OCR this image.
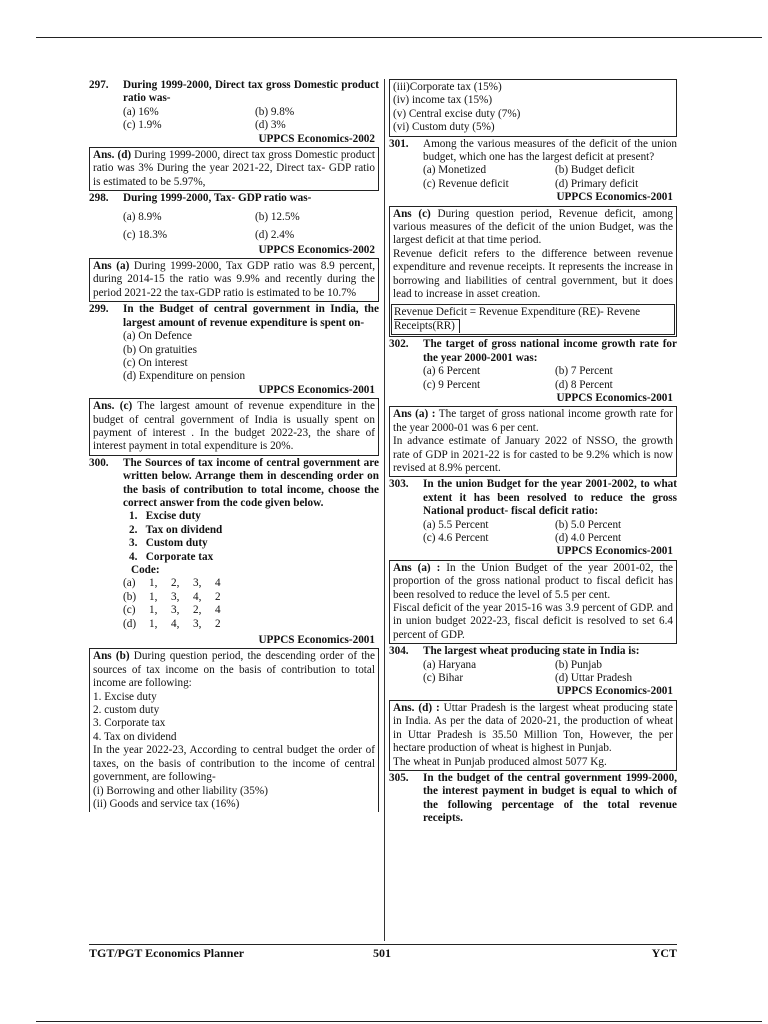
297.	During 1999-2000, Direct tax gross Domestic product ratio was-
(a) 16%	(b) 9.8%
(c) 1.9%	(d) 3%
UPPCS Economics-2002
Ans. (d) During 1999-2000, direct tax gross Domestic product ratio was 3% During the year 2021-22, Direct tax- GDP ratio is estimated to be 5.97%,
298.	During 1999-2000, Tax- GDP ratio was-
(a) 8.9%	(b) 12.5%
(c) 18.3%	(d) 2.4%
UPPCS Economics-2002
Ans (a) During 1999-2000, Tax GDP ratio was 8.9 percent, during 2014-15 the ratio was 9.9% and recently during the period 2021-22 the tax-GDP ratio is estimated to be 10.7%
299.	In the Budget of central government in India, the largest amount of revenue expenditure is spent on-
(a) On Defence
(b) On gratuities
(c) On interest
(d) Expenditure on pension
UPPCS Economics-2001
Ans. (c) The largest amount of revenue expenditure in the budget of central government of India is usually spent on payment of interest . In the budget 2022-23, the share of interest payment in total expenditure is 20%.
300.	The Sources of tax income of central government are written below. Arrange them in descending order on the basis of contribution to total income, choose the correct answer from the code given below.
1.   Excise duty
2.   Tax on dividend
3.   Custom duty
4.   Corporate tax
Code:
(a)	1,	2,	3,	4
(b)	1,	3,	4,	2
(c)	1,	3,	2,	4
(d)	1,	4,	3,	2
UPPCS Economics-2001
Ans (b) During question period, the descending order of the sources of tax income on the basis of contribution to total income are following:
1. Excise duty
2. custom duty
3. Corporate tax
4. Tax on dividend
In the year 2022-23, According to central budget the order of taxes, on the basis of contribution to the income of central government, are following-
(i) Borrowing and other liability (35%)
(ii) Goods and service tax (16%)
(iii)Corporate tax (15%)
(iv) income tax (15%)
(v) Central excise duty (7%)
(vi) Custom duty (5%)
301.	Among the various measures of the deficit of the union budget, which one has the largest deficit at present?
(a) Monetized	(b) Budget deficit
(c) Revenue deficit	(d) Primary deficit
UPPCS Economics-2001
Ans (c) During question period, Revenue deficit, among various measures of the deficit of the union Budget, was the largest deficit at that time period.
Revenue deficit refers to the difference between revenue expenditure and revenue receipts. It represents the increase in borrowing and liabilities of central government, but it does lead to increase in asset creation.
Revenue Deficit = Revenue Expenditure (RE)- Revene
Receipts(RR)
302.	The target of gross national income growth rate for the year 2000-2001 was:
(a) 6 Percent	(b) 7 Percent
(c) 9 Percent	(d) 8 Percent
UPPCS Economics-2001
Ans (a) : The target of gross national income growth rate for the year 2000-01 was 6 per cent.
In advance estimate of January 2022 of NSSO, the growth rate of GDP in 2021-22 is for casted to be 9.2% which is now revised at 8.9% percent.
303.	In the union Budget for the year 2001-2002, to what extent it has been resolved to reduce the gross National product- fiscal deficit ratio:
(a) 5.5 Percent	(b) 5.0 Percent
(c) 4.6 Percent	(d) 4.0 Percent
UPPCS Economics-2001
Ans (a) : In the Union Budget of the year 2001-02, the proportion of the gross national product to fiscal deficit has been resolved to reduce the level of 5.5 per cent.
Fiscal deficit of the year 2015-16 was 3.9 percent of GDP. and in union budget 2022-23, fiscal deficit is resolved to set 6.4 percent of GDP.
304.	The largest wheat producing state in India is:
(a) Haryana	(b) Punjab
(c) Bihar	(d) Uttar Pradesh
UPPCS Economics-2001
Ans. (d) : Uttar Pradesh is the largest wheat producing state in India. As per the data of 2020-21, the production of wheat in Uttar Pradesh is 35.50 Million Ton, However, the per hectare production of wheat is highest in Punjab.
The wheat in Punjab produced almost 5077 Kg.
305.	In the budget of the central government 1999-2000, the interest payment in budget is equal to which of the following percentage of the total revenue receipts.
TGT/PGT Economics Planner	501	YCT
